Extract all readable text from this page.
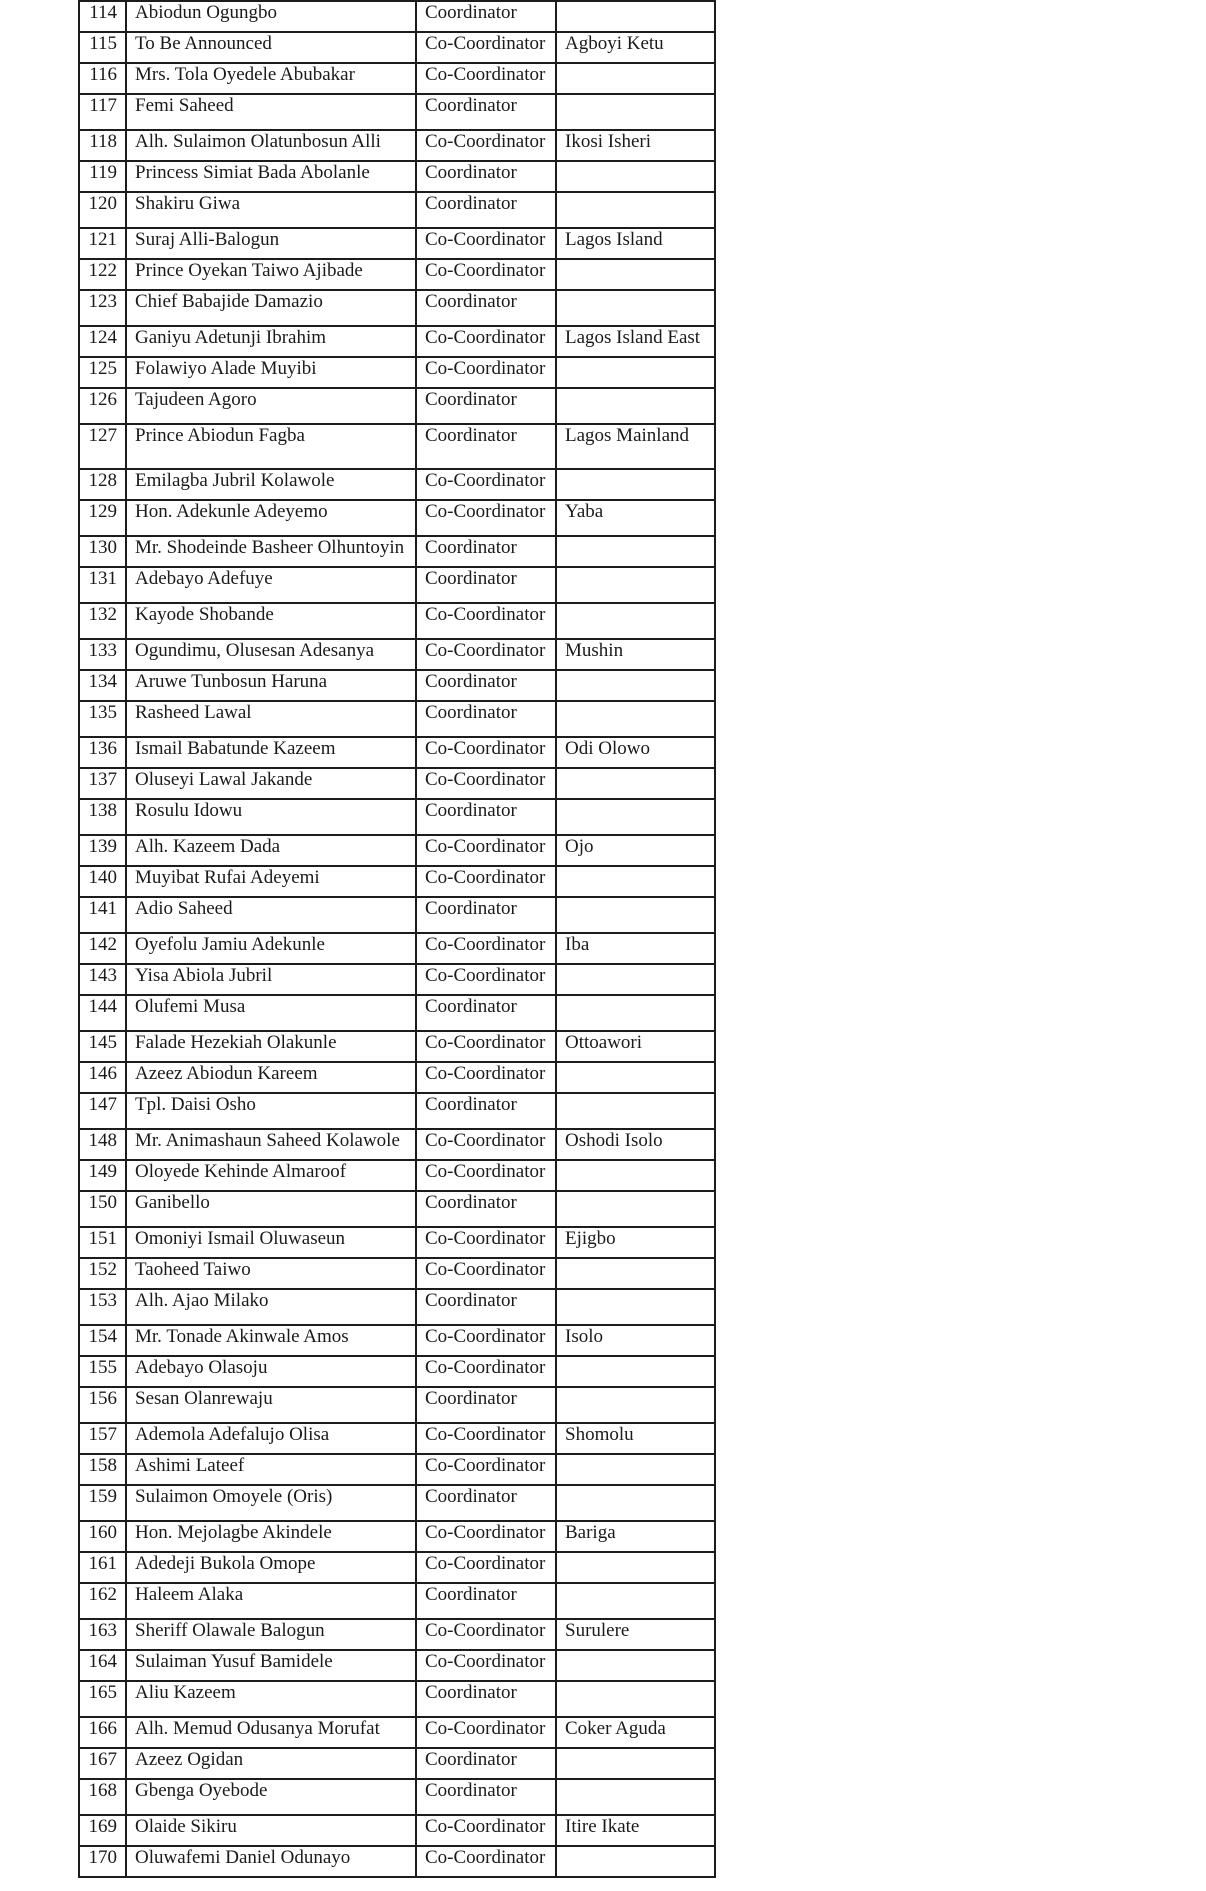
114	Abiodun Ogungbo	Coordinator	
115	To Be Announced	Co-Coordinator	Agboyi Ketu
116	Mrs. Tola Oyedele Abubakar	Co-Coordinator	
117	Femi Saheed	Coordinator	
118	Alh. Sulaimon Olatunbosun Alli	Co-Coordinator	Ikosi Isheri
119	Princess Simiat Bada Abolanle	Coordinator	
120	Shakiru Giwa	Coordinator	
121	Suraj Alli-Balogun	Co-Coordinator	Lagos Island
122	Prince Oyekan Taiwo Ajibade	Co-Coordinator	
123	Chief Babajide Damazio	Coordinator	
124	Ganiyu Adetunji Ibrahim	Co-Coordinator	Lagos Island East
125	Folawiyo Alade Muyibi	Co-Coordinator	
126	Tajudeen Agoro	Coordinator	
127	Prince Abiodun Fagba	Coordinator	Lagos Mainland
128	Emilagba Jubril Kolawole	Co-Coordinator	
129	Hon. Adekunle Adeyemo	Co-Coordinator	Yaba
130	Mr. Shodeinde Basheer Olhuntoyin	Coordinator	
131	Adebayo Adefuye	Coordinator	
132	Kayode Shobande	Co-Coordinator	
133	Ogundimu, Olusesan Adesanya	Co-Coordinator	Mushin
134	Aruwe Tunbosun Haruna	Coordinator	
135	Rasheed Lawal	Coordinator	
136	Ismail Babatunde Kazeem	Co-Coordinator	Odi Olowo
137	Oluseyi Lawal Jakande	Co-Coordinator	
138	Rosulu Idowu	Coordinator	
139	Alh. Kazeem Dada	Co-Coordinator	Ojo
140	Muyibat Rufai Adeyemi	Co-Coordinator	
141	Adio Saheed	Coordinator	
142	Oyefolu Jamiu Adekunle	Co-Coordinator	Iba
143	Yisa Abiola Jubril	Co-Coordinator	
144	Olufemi Musa	Coordinator	
145	Falade Hezekiah Olakunle	Co-Coordinator	Ottoawori
146	Azeez Abiodun Kareem	Co-Coordinator	
147	Tpl. Daisi Osho	Coordinator	
148	Mr. Animashaun Saheed Kolawole	Co-Coordinator	Oshodi Isolo
149	Oloyede Kehinde Almaroof	Co-Coordinator	
150	Ganibello	Coordinator	
151	Omoniyi Ismail Oluwaseun	Co-Coordinator	Ejigbo
152	Taoheed Taiwo	Co-Coordinator	
153	Alh. Ajao Milako	Coordinator	
154	Mr. Tonade Akinwale Amos	Co-Coordinator	Isolo
155	Adebayo Olasoju	Co-Coordinator	
156	Sesan Olanrewaju	Coordinator	
157	Ademola Adefalujo Olisa	Co-Coordinator	Shomolu
158	Ashimi Lateef	Co-Coordinator	
159	Sulaimon Omoyele (Oris)	Coordinator	
160	Hon. Mejolagbe Akindele	Co-Coordinator	Bariga
161	Adedeji Bukola Omope	Co-Coordinator	
162	Haleem Alaka	Coordinator	
163	Sheriff Olawale Balogun	Co-Coordinator	Surulere
164	Sulaiman Yusuf Bamidele	Co-Coordinator	
165	Aliu Kazeem	Coordinator	
166	Alh. Memud Odusanya Morufat	Co-Coordinator	Coker Aguda
167	Azeez Ogidan	Coordinator	
168	Gbenga Oyebode	Coordinator	
169	Olaide Sikiru	Co-Coordinator	Itire Ikate
170	Oluwafemi Daniel Odunayo	Co-Coordinator	
